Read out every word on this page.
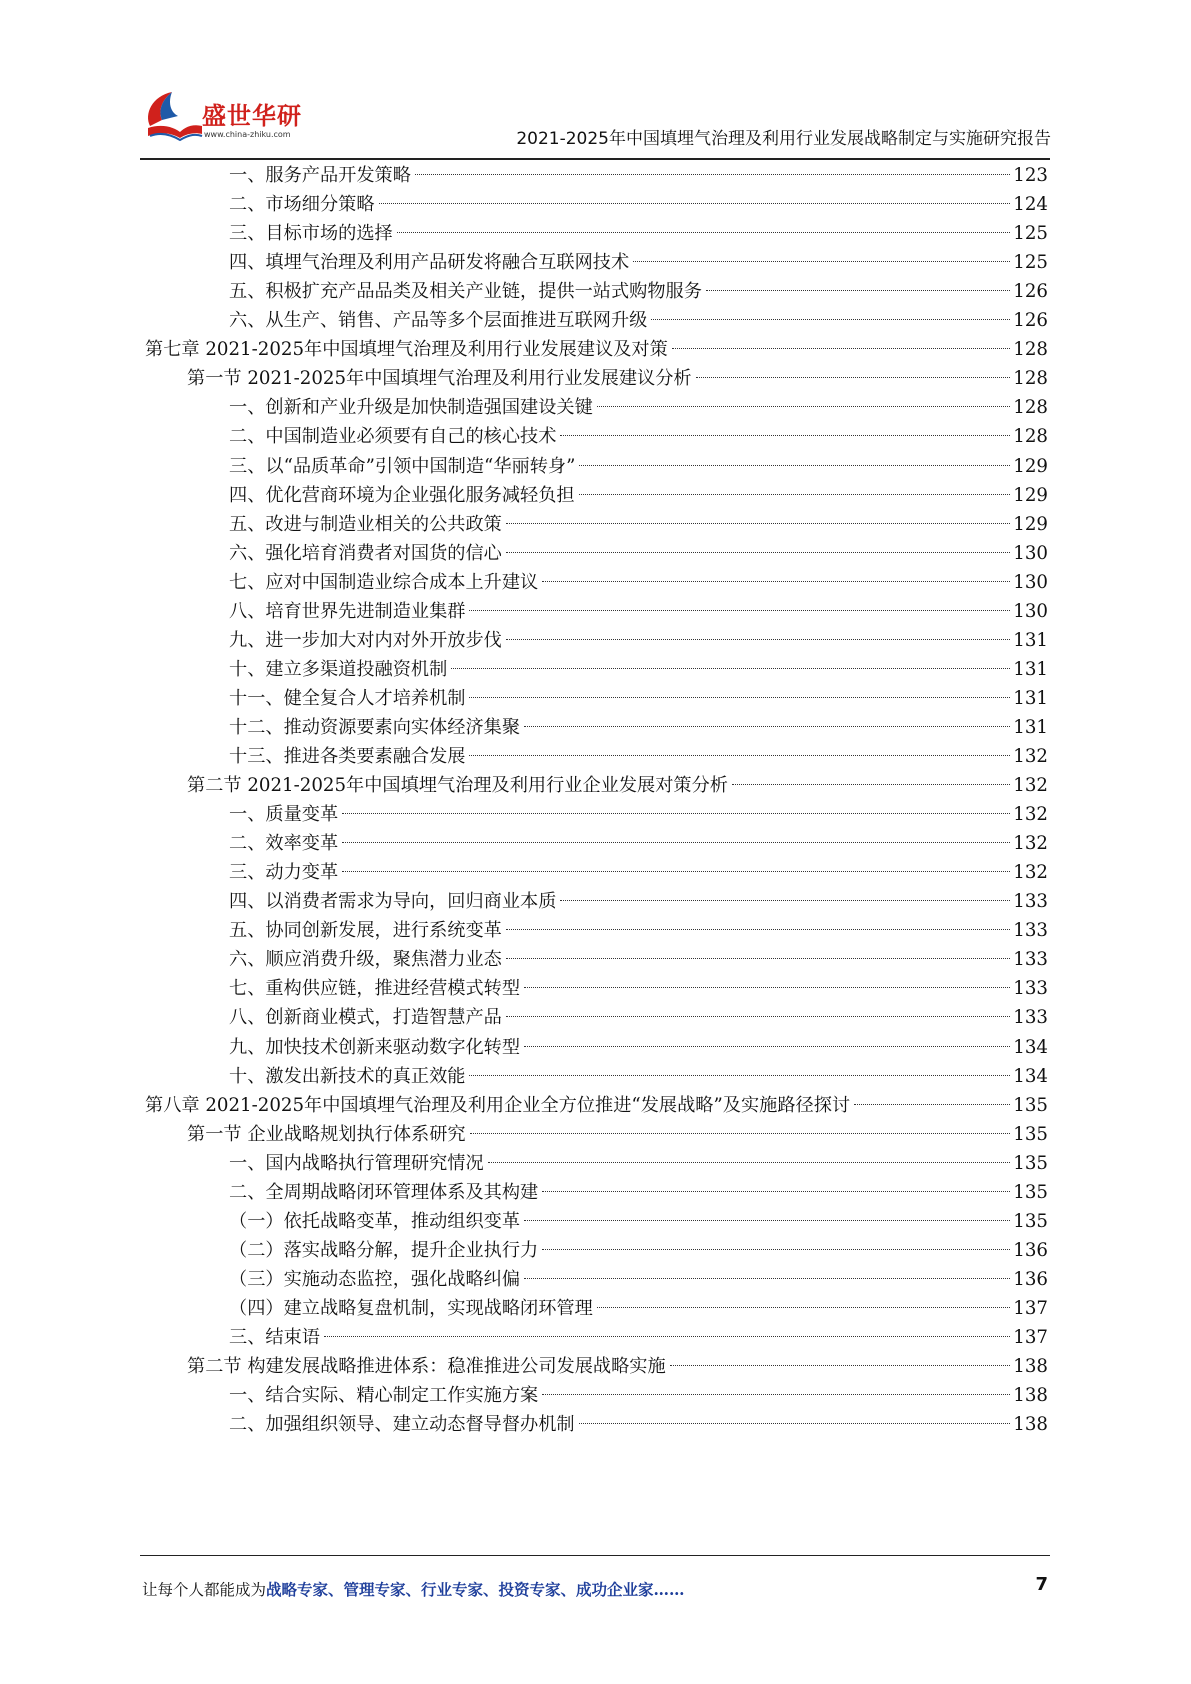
盛世华研
www.china-zhiku.com	2021-2025年中国填埋气治理及利用行业发展战略制定与实施研究报告
一、服务产品开发策略	123
二、市场细分策略	124
三、目标市场的选择	125
四、填埋气治理及利用产品研发将融合互联网技术	125
五、积极扩充产品品类及相关产业链，提供一站式购物服务	126
六、从生产、销售、产品等多个层面推进互联网升级	126
第七章 2021-2025年中国填埋气治理及利用行业发展建议及对策	128
第一节 2021-2025年中国填埋气治理及利用行业发展建议分析	128
一、创新和产业升级是加快制造强国建设关键	128
二、中国制造业必须要有自己的核心技术	128
三、以“品质革命”引领中国制造“华丽转身”	129
四、优化营商环境为企业强化服务减轻负担	129
五、改进与制造业相关的公共政策	129
六、强化培育消费者对国货的信心	130
七、应对中国制造业综合成本上升建议	130
八、培育世界先进制造业集群	130
九、进一步加大对内对外开放步伐	131
十、建立多渠道投融资机制	131
十一、健全复合人才培养机制	131
十二、推动资源要素向实体经济集聚	131
十三、推进各类要素融合发展	132
第二节 2021-2025年中国填埋气治理及利用行业企业发展对策分析	132
一、质量变革	132
二、效率变革	132
三、动力变革	132
四、以消费者需求为导向，回归商业本质	133
五、协同创新发展，进行系统变革	133
六、顺应消费升级，聚焦潜力业态	133
七、重构供应链，推进经营模式转型	133
八、创新商业模式，打造智慧产品	133
九、加快技术创新来驱动数字化转型	134
十、激发出新技术的真正效能	134
第八章 2021-2025年中国填埋气治理及利用企业全方位推进“发展战略”及实施路径探讨	135
第一节 企业战略规划执行体系研究	135
一、国内战略执行管理研究情况	135
二、全周期战略闭环管理体系及其构建	135
（一）依托战略变革，推动组织变革	135
（二）落实战略分解，提升企业执行力	136
（三）实施动态监控，强化战略纠偏	136
（四）建立战略复盘机制，实现战略闭环管理	137
三、结束语	137
第二节 构建发展战略推进体系：稳准推进公司发展战略实施	138
一、结合实际、精心制定工作实施方案	138
二、加强组织领导、建立动态督导督办机制	138
让每个人都能成为战略专家、管理专家、行业专家、投资专家、成功企业家……	7
